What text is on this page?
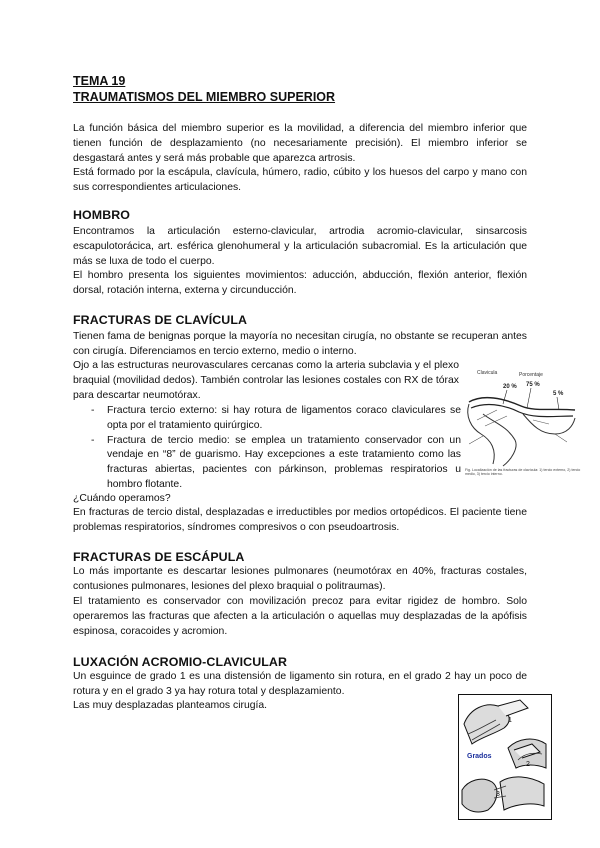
TEMA 19

TRAUMATISMOS DEL MIEMBRO SUPERIOR

La función básica del miembro superior es la movilidad, a diferencia del miembro inferior que tienen función de desplazamiento (no necesariamente precisión). El miembro inferior se desgastará antes y será más probable que aparezca artrosis.

Está formado por la escápula, clavícula, húmero, radio, cúbito y los huesos del carpo y mano con sus correspondientes articulaciones.

HOMBRO

Encontramos la articulación esterno-clavicular, artrodia acromio-clavicular, sinsarcosis escapulotorácica, art. esférica glenohumeral y la articulación subacromial. Es la articulación que más se luxa de todo el cuerpo.

El hombro presenta los siguientes movimientos: aducción, abducción, flexión anterior, flexión dorsal, rotación interna, externa y circunducción.

FRACTURAS DE CLAVÍCULA

Tienen fama de benignas porque la mayoría no necesitan cirugía, no obstante se recuperan antes con cirugía. Diferenciamos en tercio externo, medio o interno.

Ojo a las estructuras neurovasculares cercanas como la arteria subclavia y el plexo braquial (movilidad dedos). También controlar las lesiones costales con RX de tórax para descartar neumotórax.

- Fractura tercio externo: si hay rotura de ligamentos coraco claviculares se opta por el tratamiento quirúrgico.
- Fractura de tercio medio: se emplea un tratamiento conservador con un vendaje en “8” de guarismo. Hay excepciones a este tratamiento como las fracturas abiertas, pacientes con párkinson, problemas respiratorios u hombro flotante.

¿Cuándo operamos?

En fracturas de tercio distal, desplazadas e irreductibles por medios ortopédicos. El paciente tiene problemas respiratorios, síndromes compresivos o con pseudoartrosis.

Clavicula	Porcentaje
20 % 75 %
5 %
Fig. Localización de las fracturas de clavícula: 1) tercio externo, 2) tercio medio, 3) tercio interno.
FRACTURAS DE ESCÁPULA

Lo más importante es descartar lesiones pulmonares (neumotórax en 40%, fracturas costales, contusiones pulmonares, lesiones del plexo braquial o politraumas).

El tratamiento es conservador con movilización precoz para evitar rigidez de hombro. Solo operaremos las fracturas que afecten a la articulación o aquellas muy desplazadas de la apófisis espinosa, coracoides y acromion.

LUXACIÓN ACROMIO-CLAVICULAR

Un esguince de grado 1 es una distensión de ligamento sin rotura, en el grado 2 hay un poco de rotura y en el grado 3 ya hay rotura total y desplazamiento.

Las muy desplazadas planteamos cirugía.

Grados
1
2
3
